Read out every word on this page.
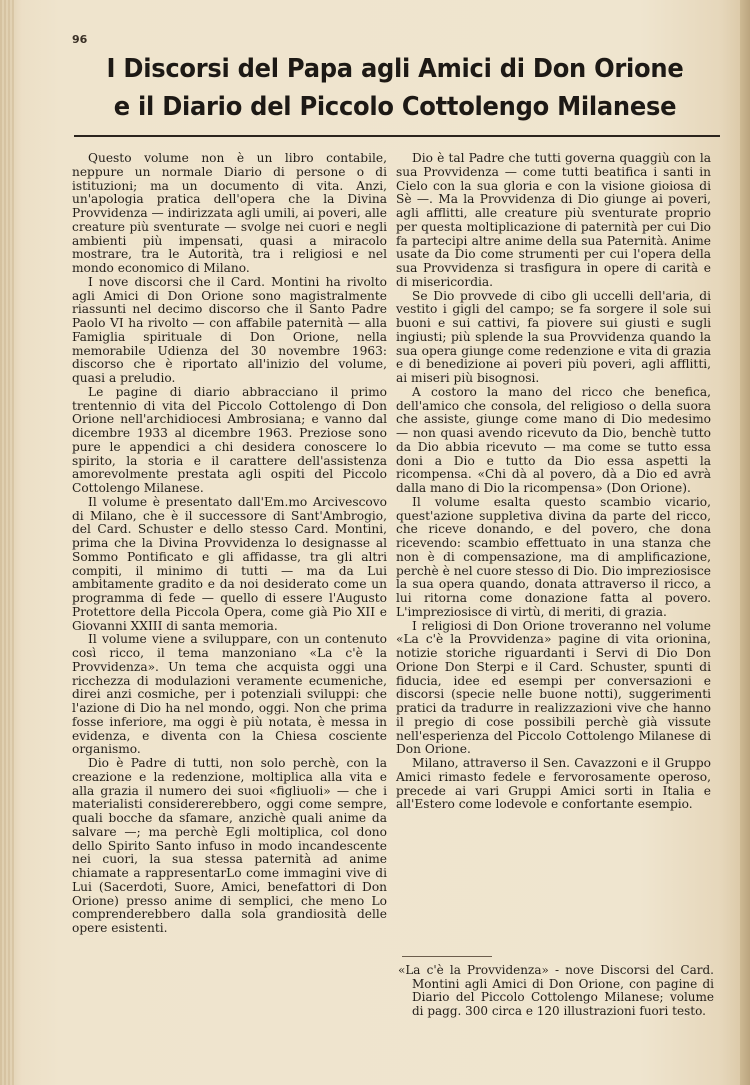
96
I Discorsi del Papa agli Amici di Don Orione e il Diario del Piccolo Cottolengo Milanese

Questo volume non è un libro contabile, neppure un normale Diario di persone o di istituzioni; ma un documento di vita. Anzi, un'apologia pratica dell'opera che la Divina Provvidenza — indirizzata agli umili, ai poveri, alle creature più sventurate — svolge nei cuori e negli ambienti più impensati, quasi a miracolo mostrare, tra le Autorità, tra i religiosi e nel mondo economico di Milano.

I nove discorsi che il Card. Montini ha rivolto agli Amici di Don Orione sono magistralmente riassunti nel decimo discorso che il Santo Padre Paolo VI ha rivolto — con affabile paternità — alla Famiglia spirituale di Don Orione, nella memorabile Udienza del 30 novembre 1963: discorso che è riportato all'inizio del volume, quasi a preludio.

Le pagine di diario abbracciano il primo trentennio di vita del Piccolo Cottolengo di Don Orione nell'archidiocesi Ambrosiana; e vanno dal dicembre 1933 al dicembre 1963. Preziose sono pure le appendici a chi desidera conoscere lo spirito, la storia e il carattere dell'assistenza amorevolmente prestata agli ospiti del Piccolo Cottolengo Milanese.

Il volume è presentato dall'Em.mo Arcivescovo di Milano, che è il successore di Sant'Ambrogio, del Card. Schuster e dello stesso Card. Montini, prima che la Divina Provvidenza lo designasse al Sommo Pontificato e gli affidasse, tra gli altri compiti, il minimo di tutti — ma da Lui ambitamente gradito e da noi desiderato come un programma di fede — quello di essere l'Augusto Protettore della Piccola Opera, come già Pio XII e Giovanni XXIII di santa memoria.

Il volume viene a sviluppare, con un contenuto così ricco, il tema manzoniano «La c'è la Provvidenza». Un tema che acquista oggi una ricchezza di modulazioni veramente ecumeniche, direi anzi cosmiche, per i potenziali sviluppi: che l'azione di Dio ha nel mondo, oggi. Non che prima fosse inferiore, ma oggi è più notata, è messa in evidenza, e diventa con la Chiesa cosciente organismo.

Dio è Padre di tutti, non solo perchè, con la creazione e la redenzione, moltiplica alla vita e alla grazia il numero dei suoi «figliuoli» — che i materialisti considererebbero, oggi come sempre, quali bocche da sfamare, anzichè quali anime da salvare —; ma perchè Egli moltiplica, col dono dello Spirito Santo infuso in modo incandescente nei cuori, la sua stessa paternità ad anime chiamate a rappresentarLo come immagini vive di Lui (Sacerdoti, Suore, Amici, benefattori di Don Orione) presso anime di semplici, che meno Lo comprenderebbero dalla sola grandiosità delle opere esistenti.

Dio è tal Padre che tutti governa quaggiù con la sua Provvidenza — come tutti beatifica i santi in Cielo con la sua gloria e con la visione gioiosa di Sè —. Ma la Provvidenza di Dio giunge ai poveri, agli afflitti, alle creature più sventurate proprio per questa moltiplicazione di paternità per cui Dio fa partecipi altre anime della sua Paternità. Anime usate da Dio come strumenti per cui l'opera della sua Provvidenza si trasfigura in opere di carità e di misericordia.

Se Dio provvede di cibo gli uccelli dell'aria, di vestito i gigli del campo; se fa sorgere il sole sui buoni e sui cattivi, fa piovere sui giusti e sugli ingiusti; più splende la sua Provvidenza quando la sua opera giunge come redenzione e vita di grazia e di benedizione ai poveri più poveri, agli afflitti, ai miseri più bisognosi.

A costoro la mano del ricco che benefica, dell'amico che consola, del religioso o della suora che assiste, giunge come mano di Dio medesimo — non quasi avendo ricevuto da Dio, benchè tutto da Dio abbia ricevuto — ma come se tutto essa doni a Dio e tutto da Dio essa aspetti la ricompensa. «Chi dà al povero, dà a Dio ed avrà dalla mano di Dio la ricompensa» (Don Orione).

Il volume esalta questo scambio vicario, quest'azione suppletiva divina da parte del ricco, che riceve donando, e del povero, che dona ricevendo: scambio effettuato in una stanza che non è di compensazione, ma di amplificazione, perchè è nel cuore stesso di Dio. Dio impreziosisce la sua opera quando, donata attraverso il ricco, a lui ritorna come donazione fatta al povero. L'impreziosisce di virtù, di meriti, di grazia.

I religiosi di Don Orione troveranno nel volume «La c'è la Provvidenza» pagine di vita orionina, notizie storiche riguardanti i Servi di Dio Don Orione Don Sterpi e il Card. Schuster, spunti di fiducia, idee ed esempi per conversazioni e discorsi (specie nelle buone notti), suggerimenti pratici da tradurre in realizzazioni vive che hanno il pregio di cose possibili perchè già vissute nell'esperienza del Piccolo Cottolengo Milanese di Don Orione.

Milano, attraverso il Sen. Cavazzoni e il Gruppo Amici rimasto fedele e fervorosamente operoso, precede ai vari Gruppi Amici sorti in Italia e all'Estero come lodevole e confortante esempio.

«La c'è la Provvidenza» - nove Discorsi del Card. Montini agli Amici di Don Orione, con pagine di Diario del Piccolo Cottolengo Milanese; volume di pagg. 300 circa e 120 illustrazioni fuori testo.
